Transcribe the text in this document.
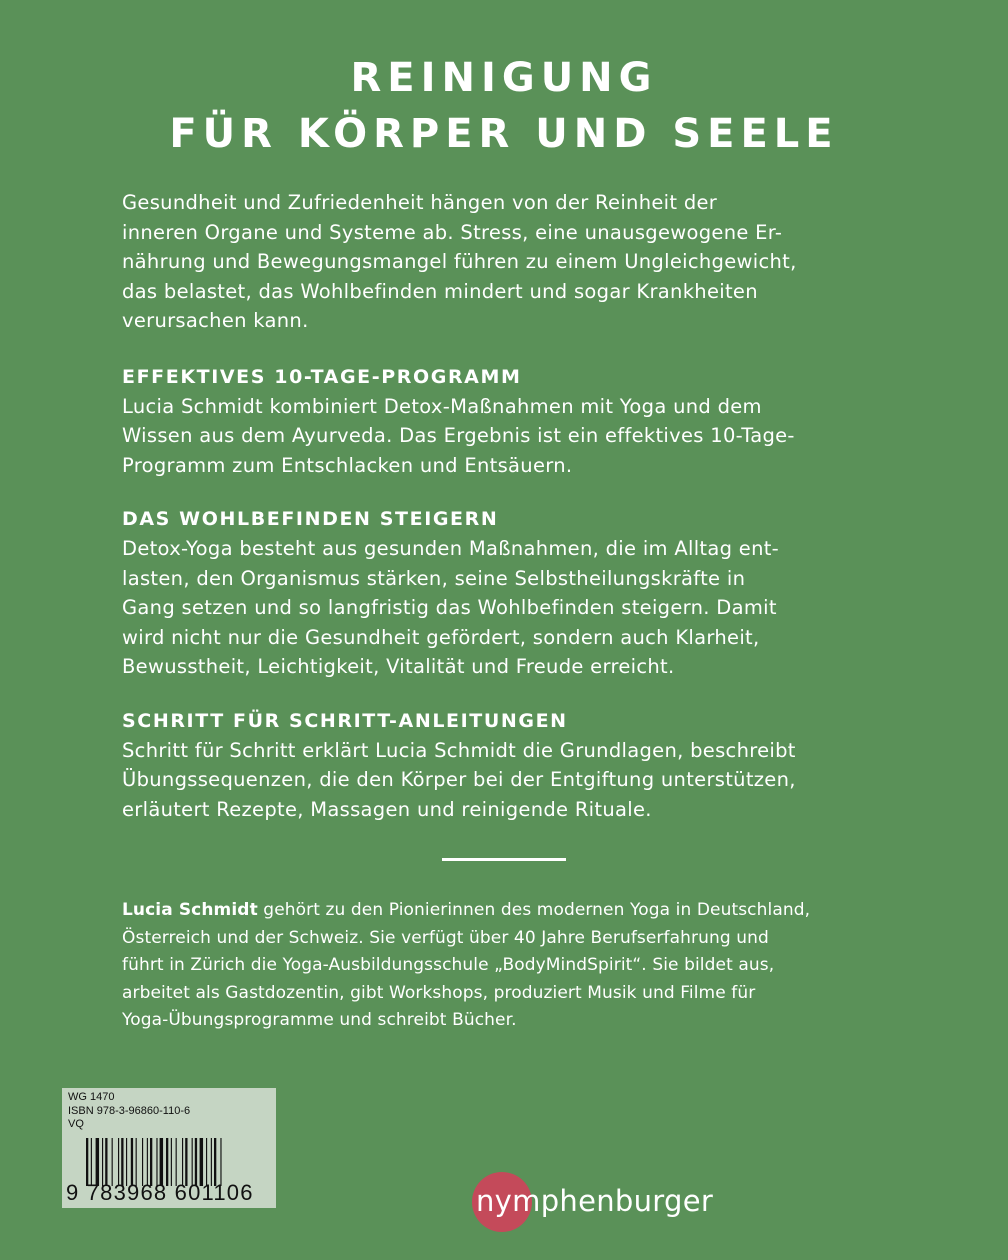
REINIGUNG
FÜR KÖRPER UND SEELE

Gesundheit und Zufriedenheit hängen von der Reinheit der

inneren Organe und Systeme ab. Stress, eine unausgewogene Er-

nährung und Bewegungsmangel führen zu einem Ungleichgewicht,

das belastet, das Wohlbefinden mindert und sogar Krankheiten

verursachen kann.

EFFEKTIVES 10-TAGE-PROGRAMM

Lucia Schmidt kombiniert Detox-Maßnahmen mit Yoga und dem

Wissen aus dem Ayurveda. Das Ergebnis ist ein effektives 10-Tage-

Programm zum Entschlacken und Entsäuern.

DAS WOHLBEFINDEN STEIGERN

Detox-Yoga besteht aus gesunden Maßnahmen, die im Alltag ent-

lasten, den Organismus stärken, seine Selbstheilungskräfte in

Gang setzen und so langfristig das Wohlbefinden steigern. Damit

wird nicht nur die Gesundheit gefördert, sondern auch Klarheit,

Bewusstheit, Leichtigkeit, Vitalität und Freude erreicht.

SCHRITT FÜR SCHRITT-ANLEITUNGEN

Schritt für Schritt erklärt Lucia Schmidt die Grundlagen, beschreibt

Übungssequenzen, die den Körper bei der Entgiftung unterstützen,

erläutert Rezepte, Massagen und reinigende Rituale.

Lucia Schmidt gehört zu den Pionierinnen des modernen Yoga in Deutschland,
Österreich und der Schweiz. Sie verfügt über 40 Jahre Berufserfahrung und
führt in Zürich die Yoga-Ausbildungsschule „BodyMindSpirit“. Sie bildet aus,
arbeitet als Gastdozentin, gibt Workshops, produziert Musik und Filme für
Yoga-Übungsprogramme und schreibt Bücher.
WG 1470
ISBN 978-3-96860-110-6
VQ
9 783968 601106	nymphenburger
